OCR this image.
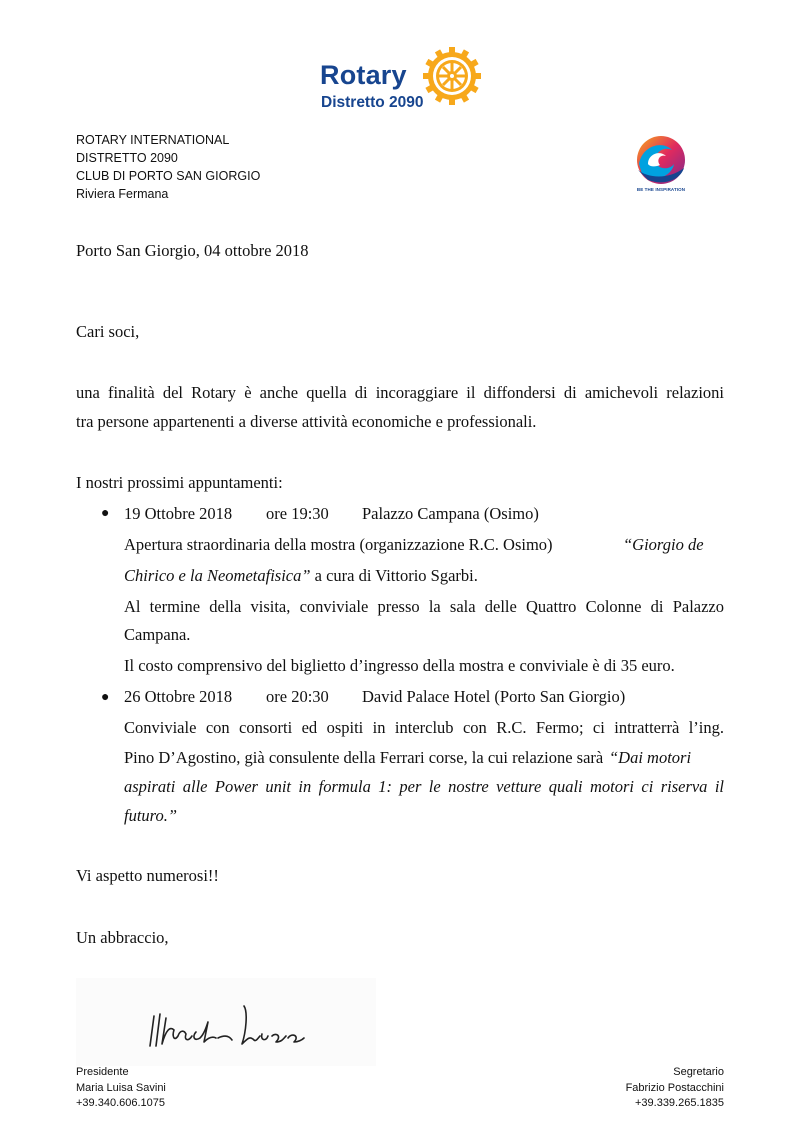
Rotary
Distretto 2090
ROTARY INTERNATIONAL
DISTRETTO 2090
CLUB DI PORTO SAN GIORGIO
Riviera Fermana	BE THE INSPIRATION
Porto San Giorgio, 04 ottobre 2018
Cari soci,
una finalità del Rotary è anche quella di incoraggiare il diffondersi di amichevoli relazioni
tra persone appartenenti a diverse attività economiche e professionali.
I nostri prossimi appuntamenti:
● 19 Ottobre 2018 ore 19:30 Palazzo Campana (Osimo)
Apertura straordinaria della mostra (organizzazione R.C. Osimo)	“Giorgio de
Chirico e la Neometafisica” a cura di Vittorio Sgarbi.
Al termine della visita, conviviale presso la sala delle Quattro Colonne di Palazzo
Campana.
Il costo comprensivo del biglietto d’ingresso della mostra e conviviale è di 35 euro.
● 26 Ottobre 2018 ore 20:30 David Palace Hotel (Porto San Giorgio)
Conviviale con consorti ed ospiti in interclub con R.C. Fermo; ci intratterrà l’ing.
Pino D’Agostino, già consulente della Ferrari corse, la cui relazione sarà “Dai motori
aspirati alle Power unit in formula 1: per le nostre vetture quali motori ci riserva il
futuro.”
Vi aspetto numerosi!!
Un abbraccio,
Presidente
Maria Luisa Savini
+39.340.606.1075
Segretario
Fabrizio Postacchini
+39.339.265.1835
